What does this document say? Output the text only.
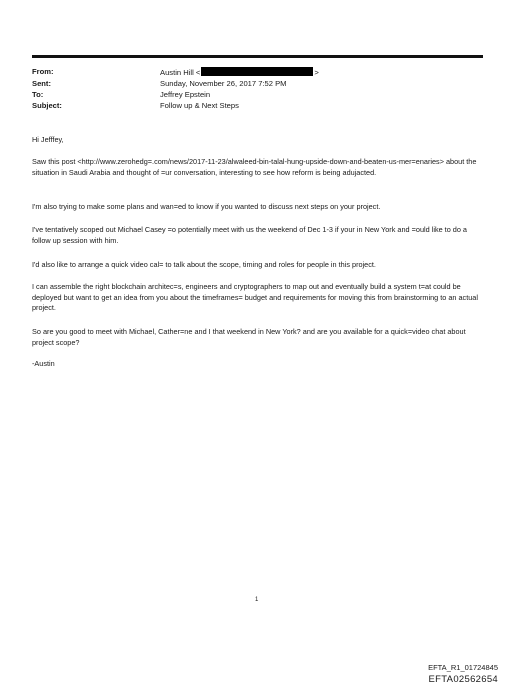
From:	Austin Hill <	>
Sent:	Sunday, November 26, 2017 7:52 PM
To:	Jeffrey Epstein
Subject:	Follow up & Next Steps

Hi Jefffey,

Saw this post <http://www.zerohedg=.com/news/2017-11-23/alwaleed-bin-talal-hung-upside-down-and-beaten-us-mer=enaries> about the situation in Saudi Arabia and thought of =ur conversation, interesting to see how reform is being adujacted.

I'm also trying to make some plans and wan=ed to know if you wanted to discuss next steps on your project.

I've tentatively scoped out Michael Casey =o potentially meet with us the weekend of Dec 1-3 if your in New York and =ould like to do a follow up session with him.

I'd also like to arrange a quick video cal= to talk about the scope, timing and roles for people in this project.

I can assemble the right blockchain architec=s, engineers and cryptographers to map out and eventually build a system t=at could be deployed but want to get an idea from you about the timeframes= budget and requirements for moving this from brainstorming to an actual project.

So are you good to meet with Michael, Cather=ne and I that weekend in New York? and are you available for a quick=video chat about project scope?

-Austin

1
EFTA_R1_01724845
EFTA02562654
